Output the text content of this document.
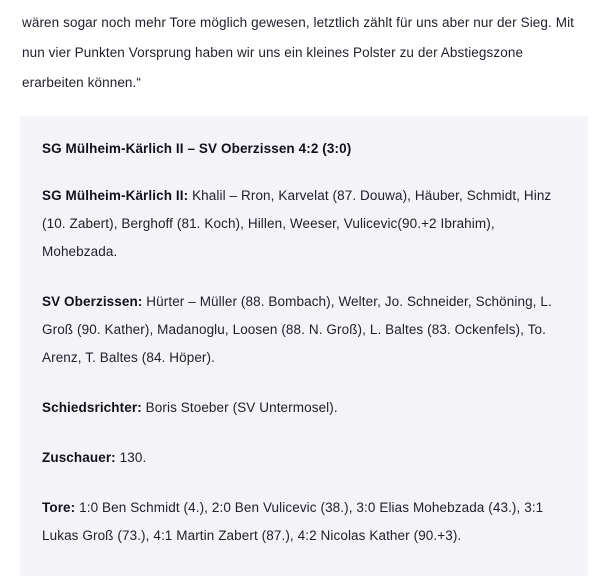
wären sogar noch mehr Tore möglich gewesen, letztlich zählt für uns aber nur der Sieg. Mit nun vier Punkten Vorsprung haben wir uns ein kleines Polster zu der Abstiegszone erarbeiten können.“

SG Mülheim-Kärlich II – SV Oberzissen 4:2 (3:0)
SG Mülheim-Kärlich II: Khalil – Rron, Karvelat (87. Douwa), Häuber, Schmidt, Hinz (10. Zabert), Berghoff (81. Koch), Hillen, Weeser, Vulicevic(90.+2 Ibrahim), Mohebzada.
SV Oberzissen: Hürter – Müller (88. Bombach), Welter, Jo. Schneider, Schöning, L. Groß (90. Kather), Madanoglu, Loosen (88. N. Groß), L. Baltes (83. Ockenfels), To. Arenz, T. Baltes (84. Höper).
Schiedsrichter: Boris Stoeber (SV Untermosel).
Zuschauer: 130.
Tore: 1:0 Ben Schmidt (4.), 2:0 Ben Vulicevic (38.), 3:0 Elias Mohebzada (43.), 3:1 Lukas Groß (73.), 4:1 Martin Zabert (87.), 4:2 Nicolas Kather (90.+3).
